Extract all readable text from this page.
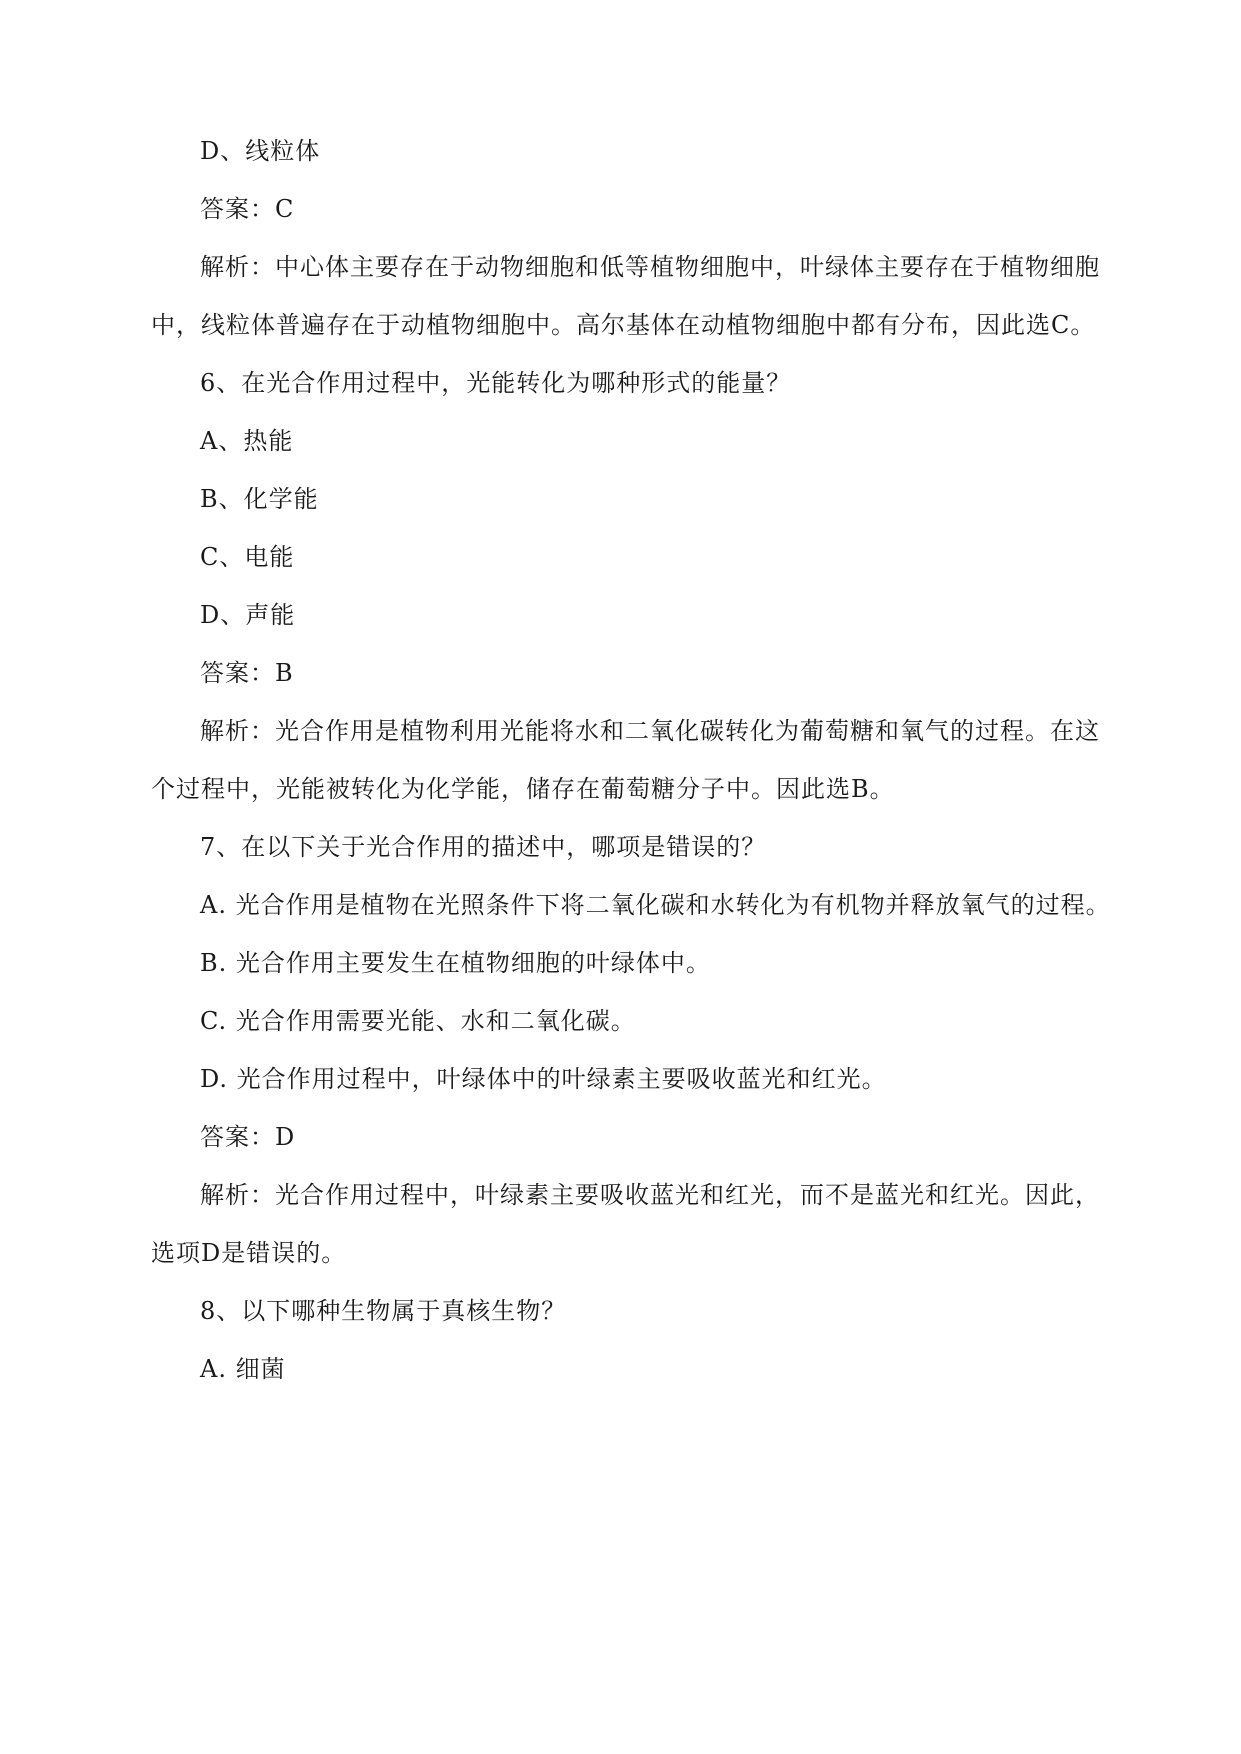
D、线粒体
答案：C
解析：中心体主要存在于动物细胞和低等植物细胞中，叶绿体主要存在于植物细胞
中，线粒体普遍存在于动植物细胞中。高尔基体在动植物细胞中都有分布，因此选C。
6、在光合作用过程中，光能转化为哪种形式的能量？
A、热能
B、化学能
C、电能
D、声能
答案：B
解析：光合作用是植物利用光能将水和二氧化碳转化为葡萄糖和氧气的过程。在这
个过程中，光能被转化为化学能，储存在葡萄糖分子中。因此选B。
7、在以下关于光合作用的描述中，哪项是错误的？
A. 光合作用是植物在光照条件下将二氧化碳和水转化为有机物并释放氧气的过程。
B. 光合作用主要发生在植物细胞的叶绿体中。
C. 光合作用需要光能、水和二氧化碳。
D. 光合作用过程中，叶绿体中的叶绿素主要吸收蓝光和红光。
答案：D
解析：光合作用过程中，叶绿素主要吸收蓝光和红光，而不是蓝光和红光。因此，
选项D是错误的。
8、以下哪种生物属于真核生物？
A. 细菌
